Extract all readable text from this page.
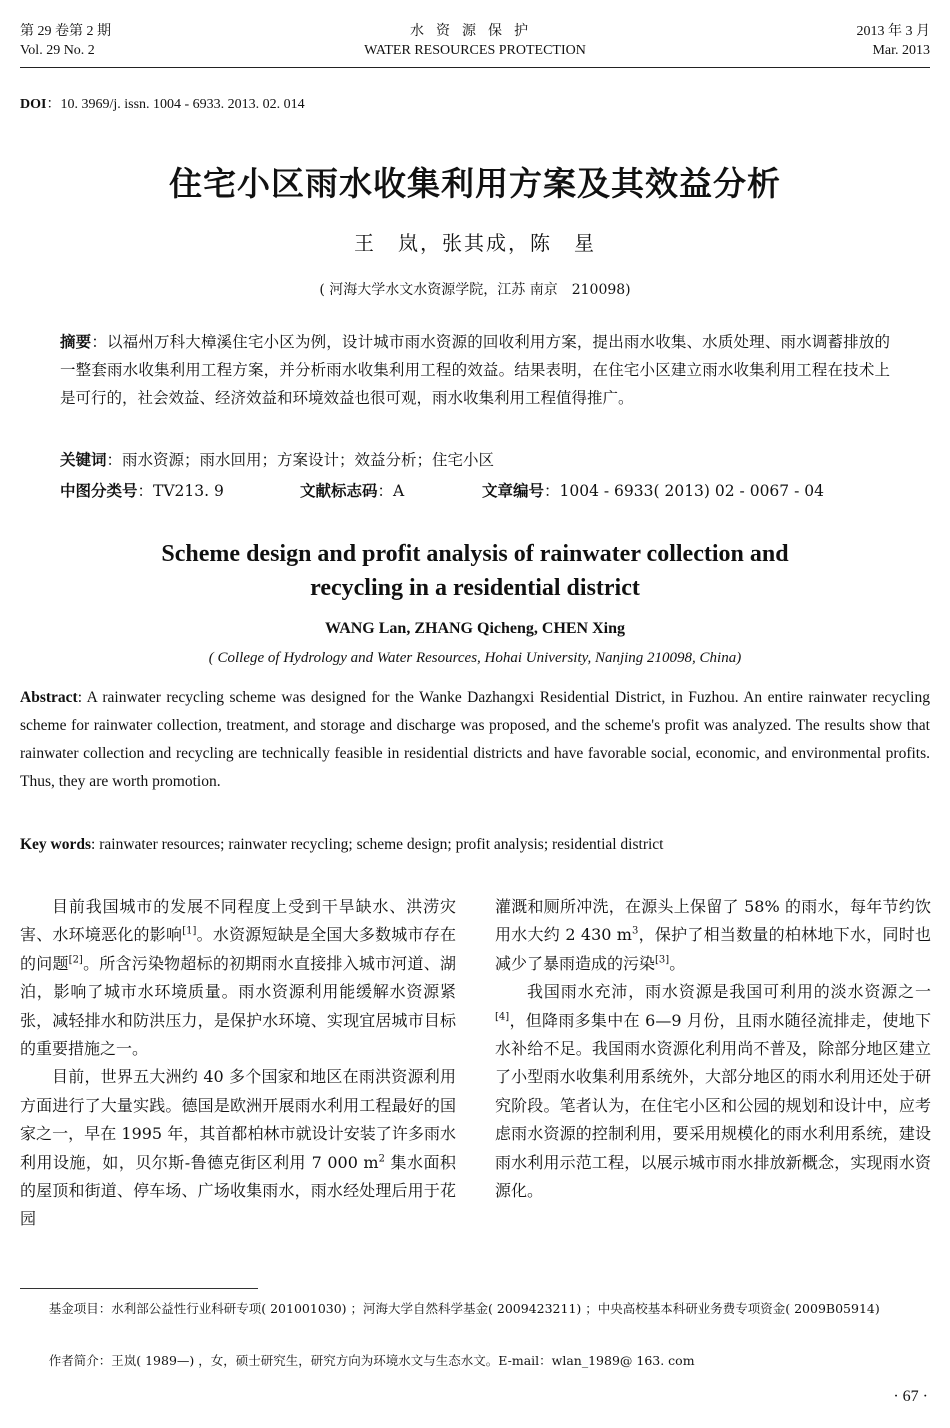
第 29 卷第 2 期
Vol. 29 No. 2
水资源保护
WATER RESOURCES PROTECTION
2013 年 3 月
Mar. 2013
DOI：10. 3969/j. issn. 1004 - 6933. 2013. 02. 014
住宅小区雨水收集利用方案及其效益分析
王　岚，张其成，陈　星
( 河海大学水文水资源学院，江苏 南京　210098)
摘要：以福州万科大樟溪住宅小区为例，设计城市雨水资源的回收利用方案，提出雨水收集、水质处理、雨水调蓄排放的一整套雨水收集利用工程方案，并分析雨水收集利用工程的效益。结果表明，在住宅小区建立雨水收集利用工程在技术上是可行的，社会效益、经济效益和环境效益也很可观，雨水收集利用工程值得推广。
关键词：雨水资源；雨水回用；方案设计；效益分析；住宅小区
中图分类号：TV213. 9	文献标志码：A	文章编号：1004 - 6933( 2013) 02 - 0067 - 04
Scheme design and profit analysis of rainwater collection and
recycling in a residential district
WANG Lan, ZHANG Qicheng, CHEN Xing
( College of Hydrology and Water Resources, Hohai University, Nanjing 210098, China)
Abstract: A rainwater recycling scheme was designed for the Wanke Dazhangxi Residential District, in Fuzhou. An entire rainwater recycling scheme for rainwater collection, treatment, and storage and discharge was proposed, and the scheme's profit was analyzed. The results show that rainwater collection and recycling are technically feasible in residential districts and have favorable social, economic, and environmental profits. Thus, they are worth promotion.
Key words: rainwater resources; rainwater recycling; scheme design; profit analysis; residential district

目前我国城市的发展不同程度上受到干旱缺水、洪涝灾害、水环境恶化的影响[1]。水资源短缺是全国大多数城市存在的问题[2]。所含污染物超标的初期雨水直接排入城市河道、湖泊，影响了城市水环境质量。雨水资源利用能缓解水资源紧张，减轻排水和防洪压力，是保护水环境、实现宜居城市目标的重要措施之一。

目前，世界五大洲约 40 多个国家和地区在雨洪资源利用方面进行了大量实践。德国是欧洲开展雨水利用工程最好的国家之一，早在 1995 年，其首都柏林市就设计安装了许多雨水利用设施，如，贝尔斯-鲁德克街区利用 7 000 $m^2$ 集水面积的屋顶和街道、停车场、广场收集雨水，雨水经处理后用于花园

灌溉和厕所冲洗，在源头上保留了 58% 的雨水，每年节约饮用水大约 2 430 $m^3$，保护了相当数量的柏林地下水，同时也减少了暴雨造成的污染[3]。

我国雨水充沛，雨水资源是我国可利用的淡水资源之一[4]，但降雨多集中在 6—9 月份，且雨水随径流排走，使地下水补给不足。我国雨水资源化利用尚不普及，除部分地区建立了小型雨水收集利用系统外，大部分地区的雨水利用还处于研究阶段。笔者认为，在住宅小区和公园的规划和设计中，应考虑雨水资源的控制利用，要采用规模化的雨水利用系统，建设雨水利用示范工程，以展示城市雨水排放新概念，实现雨水资源化。

基金项目：水利部公益性行业科研专项( 201001030) ；河海大学自然科学基金( 2009423211) ；中央高校基本科研业务费专项资金( 2009B05914)
作者简介：王岚( 1989—) ，女，硕士研究生，研究方向为环境水文与生态水文。E-mail：wlan_1989@ 163. com
· 67 ·
